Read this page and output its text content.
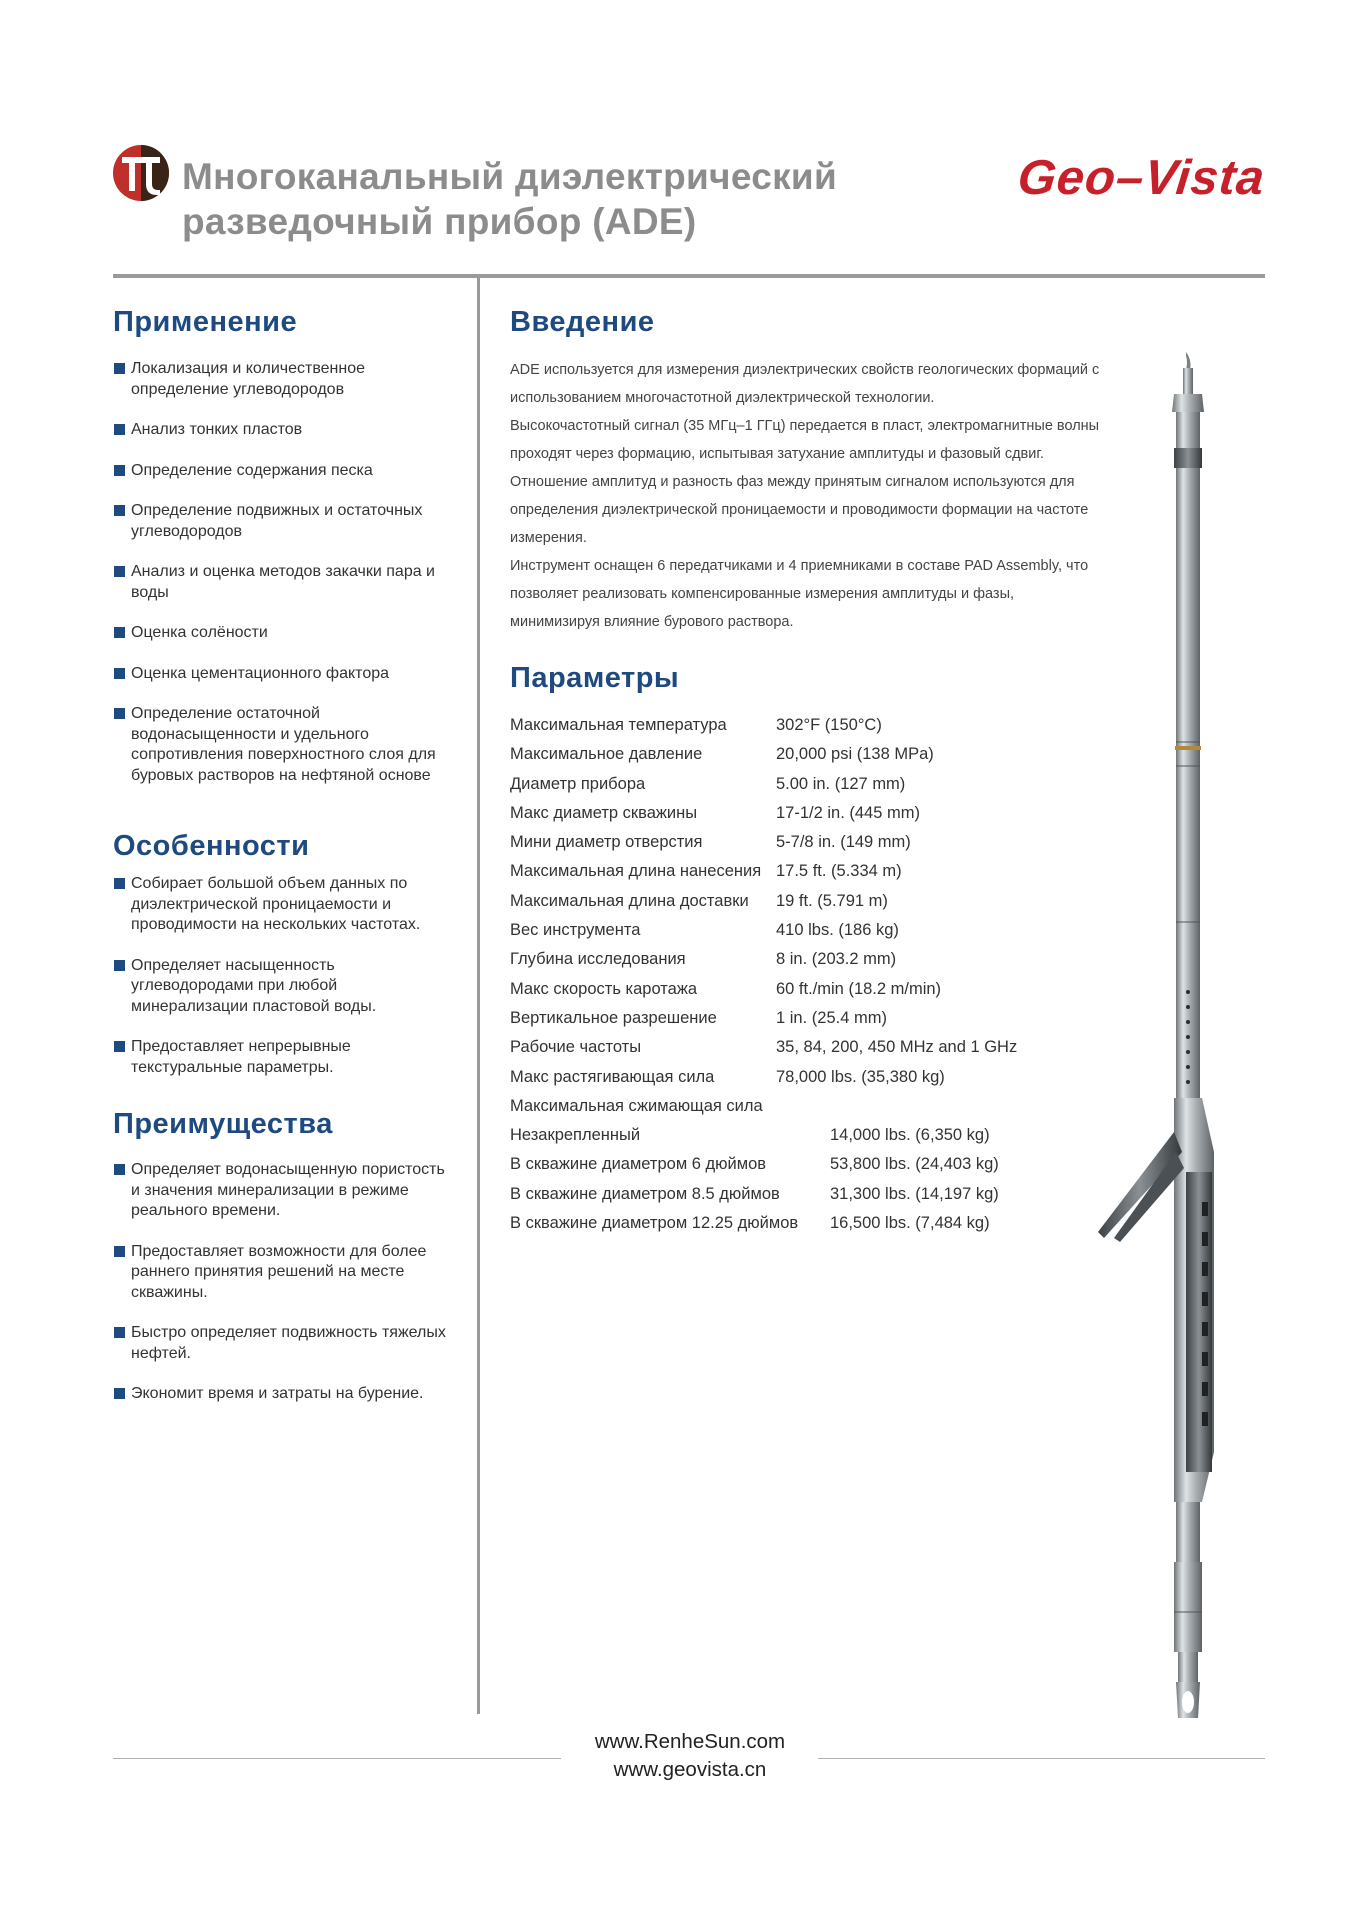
Многоканальный диэлектрический
разведочный прибор (ADE)
Geo–Vista
Применение
Локализация и количественное определение углеводородов
Анализ тонких пластов
Определение содержания песка
Определение подвижных и остаточных углеводородов
Анализ и оценка методов закачки пара и воды
Оценка солёности
Оценка цементационного фактора
Определение остаточной водонасыщенности и удельного сопротивления поверхностного слоя для буровых растворов на нефтяной основе
Особенности
Собирает большой объем данных по диэлектрической проницаемости и проводимости на нескольких частотах.
Определяет насыщенность углеводородами при любой минерализации пластовой воды.
Предоставляет непрерывные текстуральные параметры.
Преимущества
Определяет водонасыщенную пористость и значения минерализации в режиме реального времени.
Предоставляет возможности для более раннего принятия решений на месте скважины.
Быстро определяет подвижность тяжелых нефтей.
Экономит время и затраты на бурение.
Введение

ADE используется для измерения диэлектрических свойств геологических формаций с

использованием многочастотной диэлектрической технологии.

Высокочастотный сигнал (35 МГц–1 ГГц) передается в пласт, электромагнитные волны

проходят через формацию, испытывая затухание амплитуды и фазовый сдвиг.

Отношение амплитуд и разность фаз между принятым сигналом используются для

определения диэлектрической проницаемости и проводимости формации на частоте

измерения.

Инструмент оснащен 6 передатчиками и 4 приемниками в составе PAD Assembly, что

позволяет реализовать компенсированные измерения амплитуды и фазы,

минимизируя влияние бурового раствора.

Параметры
Максимальная температура	302°F (150°C)
Максимальное давление	20,000 psi (138 MPa)
Диаметр прибора	5.00 in. (127 mm)
Макс диаметр скважины	17-1/2 in. (445 mm)
Мини диаметр отверстия	5-7/8 in. (149 mm)
Максимальная длина нанесения 17.5 ft. (5.334 m)
Максимальная длина доставки 19 ft. (5.791 m)
Вес инструмента	410 lbs. (186 kg)
Глубина исследования	8 in. (203.2 mm)
Макс скорость каротажа	60 ft./min (18.2 m/min)
Вертикальное разрешение	1 in. (25.4 mm)
Рабочие частоты	35, 84, 200, 450 MHz and 1 GHz
Макс растягивающая сила	78,000 lbs. (35,380 kg)
Максимальная сжимающая сила
Незакрепленный	14,000 lbs. (6,350 kg)
В скважине диаметром 6 дюймов	53,800 lbs. (24,403 kg)
В скважине диаметром 8.5 дюймов	31,300 lbs. (14,197 kg)
В скважине диаметром 12.25 дюймов 16,500 lbs. (7,484 kg)
www.RenheSun.com
www.geovista.cn
